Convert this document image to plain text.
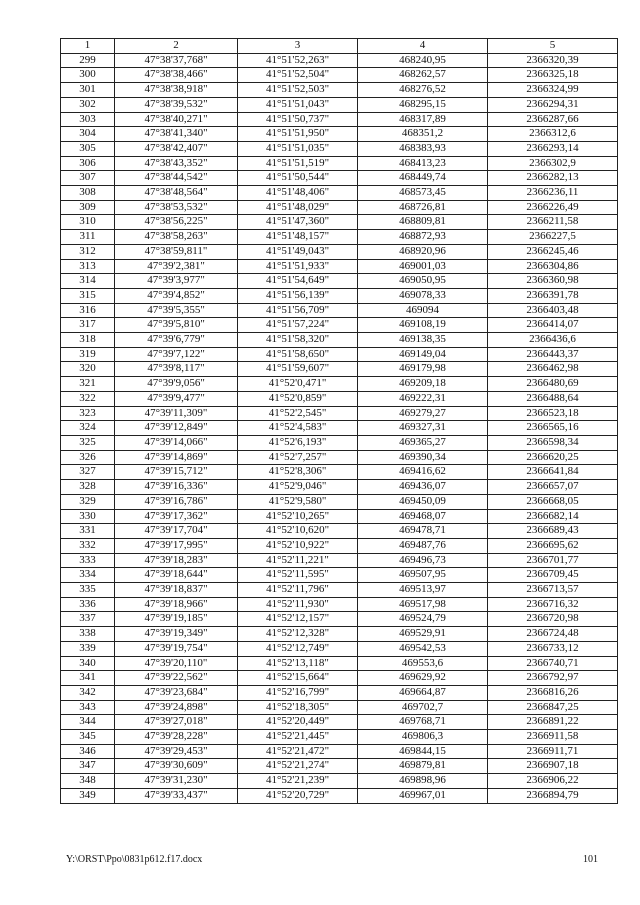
1	2	3	4	5
299	47°38'37,768"	41°51'52,263"	468240,95	2366320,39
300	47°38'38,466"	41°51'52,504"	468262,57	2366325,18
301	47°38'38,918"	41°51'52,503"	468276,52	2366324,99
302	47°38'39,532"	41°51'51,043"	468295,15	2366294,31
303	47°38'40,271"	41°51'50,737"	468317,89	2366287,66
304	47°38'41,340"	41°51'51,950"	468351,2	2366312,6
305	47°38'42,407"	41°51'51,035"	468383,93	2366293,14
306	47°38'43,352"	41°51'51,519"	468413,23	2366302,9
307	47°38'44,542"	41°51'50,544"	468449,74	2366282,13
308	47°38'48,564"	41°51'48,406"	468573,45	2366236,11
309	47°38'53,532"	41°51'48,029"	468726,81	2366226,49
310	47°38'56,225"	41°51'47,360"	468809,81	2366211,58
311	47°38'58,263"	41°51'48,157"	468872,93	2366227,5
312	47°38'59,811"	41°51'49,043"	468920,96	2366245,46
313	47°39'2,381"	41°51'51,933"	469001,03	2366304,86
314	47°39'3,977"	41°51'54,649"	469050,95	2366360,98
315	47°39'4,852"	41°51'56,139"	469078,33	2366391,78
316	47°39'5,355"	41°51'56,709"	469094	2366403,48
317	47°39'5,810"	41°51'57,224"	469108,19	2366414,07
318	47°39'6,779"	41°51'58,320"	469138,35	2366436,6
319	47°39'7,122"	41°51'58,650"	469149,04	2366443,37
320	47°39'8,117"	41°51'59,607"	469179,98	2366462,98
321	47°39'9,056"	41°52'0,471"	469209,18	2366480,69
322	47°39'9,477"	41°52'0,859"	469222,31	2366488,64
323	47°39'11,309"	41°52'2,545"	469279,27	2366523,18
324	47°39'12,849"	41°52'4,583"	469327,31	2366565,16
325	47°39'14,066"	41°52'6,193"	469365,27	2366598,34
326	47°39'14,869"	41°52'7,257"	469390,34	2366620,25
327	47°39'15,712"	41°52'8,306"	469416,62	2366641,84
328	47°39'16,336"	41°52'9,046"	469436,07	2366657,07
329	47°39'16,786"	41°52'9,580"	469450,09	2366668,05
330	47°39'17,362"	41°52'10,265"	469468,07	2366682,14
331	47°39'17,704"	41°52'10,620"	469478,71	2366689,43
332	47°39'17,995"	41°52'10,922"	469487,76	2366695,62
333	47°39'18,283"	41°52'11,221"	469496,73	2366701,77
334	47°39'18,644"	41°52'11,595"	469507,95	2366709,45
335	47°39'18,837"	41°52'11,796"	469513,97	2366713,57
336	47°39'18,966"	41°52'11,930"	469517,98	2366716,32
337	47°39'19,185"	41°52'12,157"	469524,79	2366720,98
338	47°39'19,349"	41°52'12,328"	469529,91	2366724,48
339	47°39'19,754"	41°52'12,749"	469542,53	2366733,12
340	47°39'20,110"	41°52'13,118"	469553,6	2366740,71
341	47°39'22,562"	41°52'15,664"	469629,92	2366792,97
342	47°39'23,684"	41°52'16,799"	469664,87	2366816,26
343	47°39'24,898"	41°52'18,305"	469702,7	2366847,25
344	47°39'27,018"	41°52'20,449"	469768,71	2366891,22
345	47°39'28,228"	41°52'21,445"	469806,3	2366911,58
346	47°39'29,453"	41°52'21,472"	469844,15	2366911,71
347	47°39'30,609"	41°52'21,274"	469879,81	2366907,18
348	47°39'31,230"	41°52'21,239"	469898,96	2366906,22
349	47°39'33,437"	41°52'20,729"	469967,01	2366894,79
Y:\ORST\Ppo\0831p612.f17.docx	101
